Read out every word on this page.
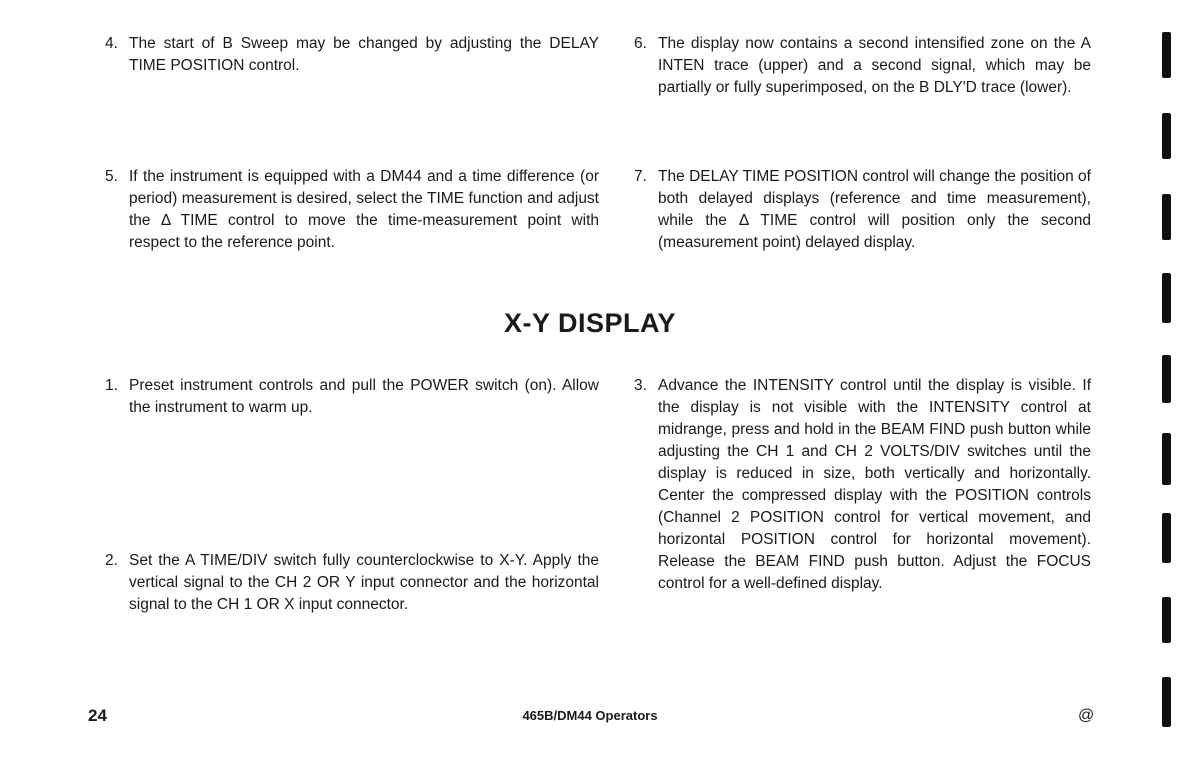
4. The start of B Sweep may be changed by adjusting the DELAY TIME POSITION control.
5. If the instrument is equipped with a DM44 and a time difference (or period) measurement is desired, select the TIME function and adjust the Δ TIME control to move the time-measurement point with respect to the reference point.
6. The display now contains a second intensified zone on the A INTEN trace (upper) and a second signal, which may be partially or fully superimposed, on the B DLY'D trace (lower).
7. The DELAY TIME POSITION control will change the position of both delayed displays (reference and time measurement), while the Δ TIME control will position only the second (measurement point) delayed display.
X-Y DISPLAY
1. Preset instrument controls and pull the POWER switch (on). Allow the instrument to warm up.
2. Set the A TIME/DIV switch fully counterclockwise to X-Y. Apply the vertical signal to the CH 2 OR Y input connector and the horizontal signal to the CH 1 OR X input connector.
3. Advance the INTENSITY control until the display is visible. If the display is not visible with the INTENSITY control at midrange, press and hold in the BEAM FIND push button while adjusting the CH 1 and CH 2 VOLTS/DIV switches until the display is reduced in size, both vertically and horizontally. Center the compressed display with the POSITION controls (Channel 2 POSITION control for vertical movement, and horizontal POSITION control for horizontal movement). Release the BEAM FIND push button. Adjust the FOCUS control for a well-defined display.
24	465B/DM44 Operators	@
